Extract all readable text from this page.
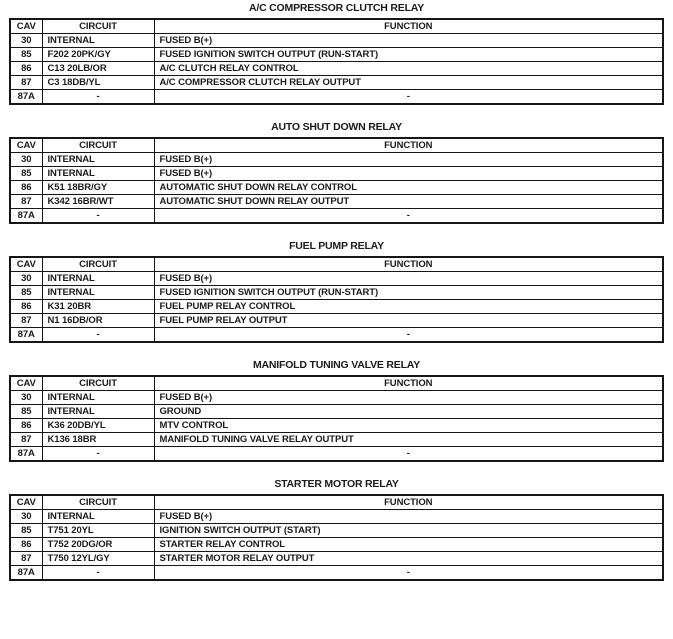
A/C COMPRESSOR CLUTCH RELAY
CAV	CIRCUIT	FUNCTION
30	INTERNAL	FUSED B(+)
85	F202 20PK/GY	FUSED IGNITION SWITCH OUTPUT (RUN-START)
86	C13 20LB/OR	A/C CLUTCH RELAY CONTROL
87	C3 18DB/YL	A/C COMPRESSOR CLUTCH RELAY OUTPUT
87A	-	-
AUTO SHUT DOWN RELAY
CAV	CIRCUIT	FUNCTION
30	INTERNAL	FUSED B(+)
85	INTERNAL	FUSED B(+)
86	K51 18BR/GY	AUTOMATIC SHUT DOWN RELAY CONTROL
87	K342 16BR/WT	AUTOMATIC SHUT DOWN RELAY OUTPUT
87A	-	-
FUEL PUMP RELAY
CAV	CIRCUIT	FUNCTION
30	INTERNAL	FUSED B(+)
85	INTERNAL	FUSED IGNITION SWITCH OUTPUT (RUN-START)
86	K31 20BR	FUEL PUMP RELAY CONTROL
87	N1 16DB/OR	FUEL PUMP RELAY OUTPUT
87A	-	-
MANIFOLD TUNING VALVE RELAY
CAV	CIRCUIT	FUNCTION
30	INTERNAL	FUSED B(+)
85	INTERNAL	GROUND
86	K36 20DB/YL	MTV CONTROL
87	K136 18BR	MANIFOLD TUNING VALVE RELAY OUTPUT
87A	-	-
STARTER MOTOR RELAY
CAV	CIRCUIT	FUNCTION
30	INTERNAL	FUSED B(+)
85	T751 20YL	IGNITION SWITCH OUTPUT (START)
86	T752 20DG/OR	STARTER RELAY CONTROL
87	T750 12YL/GY	STARTER MOTOR RELAY OUTPUT
87A	-	-
